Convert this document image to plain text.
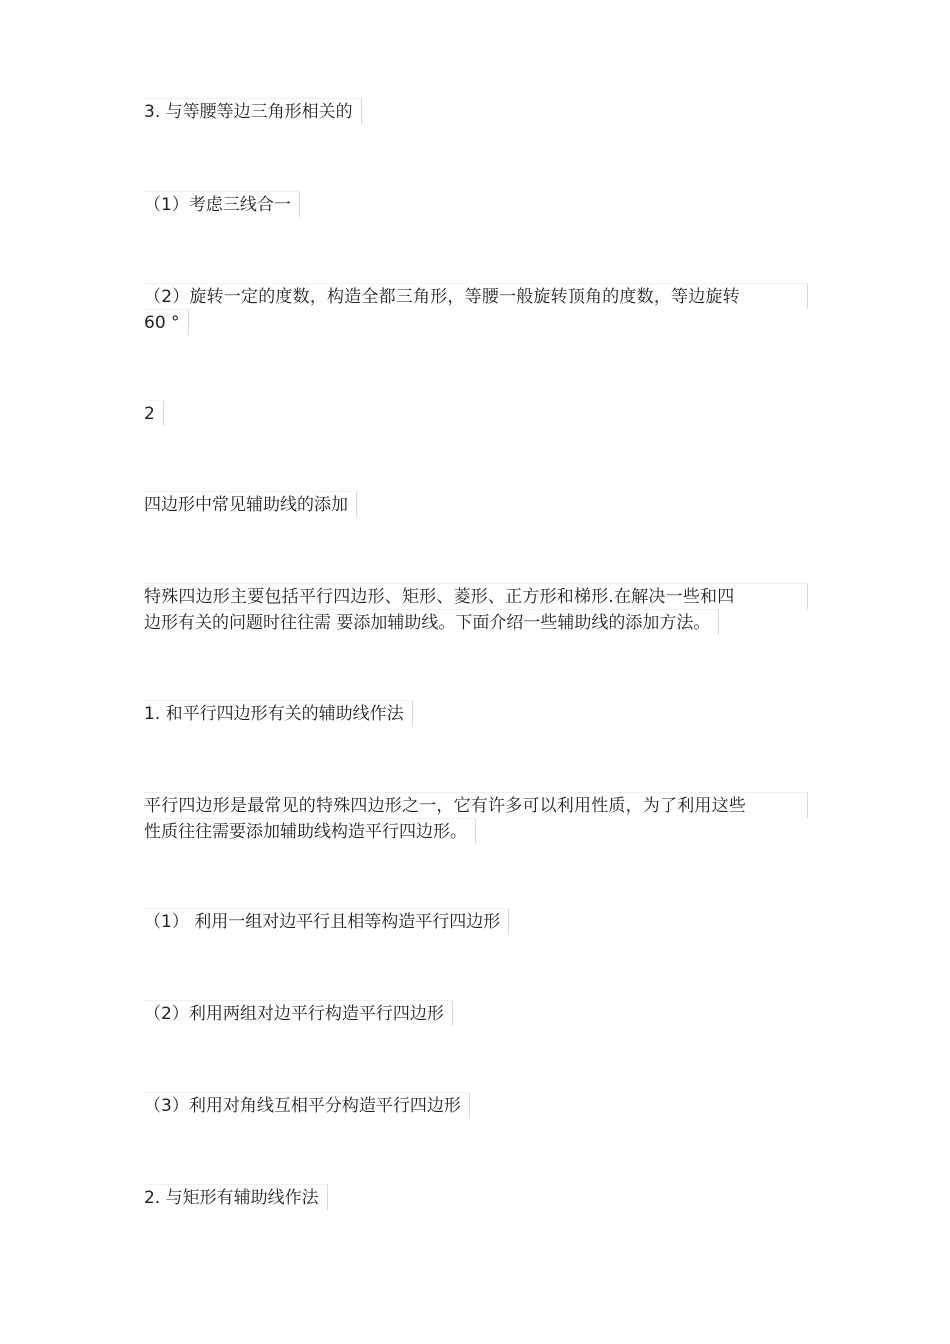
3. 与等腰等边三角形相关的
（1）考虑三线合一
（2）旋转一定的度数，构造全都三角形，等腰一般旋转顶角的度数，等边旋转
60 °
2
四边形中常见辅助线的添加
特殊四边形主要包括平行四边形、矩形、菱形、正方形和梯形.在解决一些和四
边形有关的问题时往往需 要添加辅助线。下面介绍一些辅助线的添加方法。
1. 和平行四边形有关的辅助线作法
平行四边形是最常见的特殊四边形之一，它有许多可以利用性质，为了利用这些
性质往往需要添加辅助线构造平行四边形。
（1） 利用一组对边平行且相等构造平行四边形
（2）利用两组对边平行构造平行四边形
（3）利用对角线互相平分构造平行四边形
2. 与矩形有辅助线作法
